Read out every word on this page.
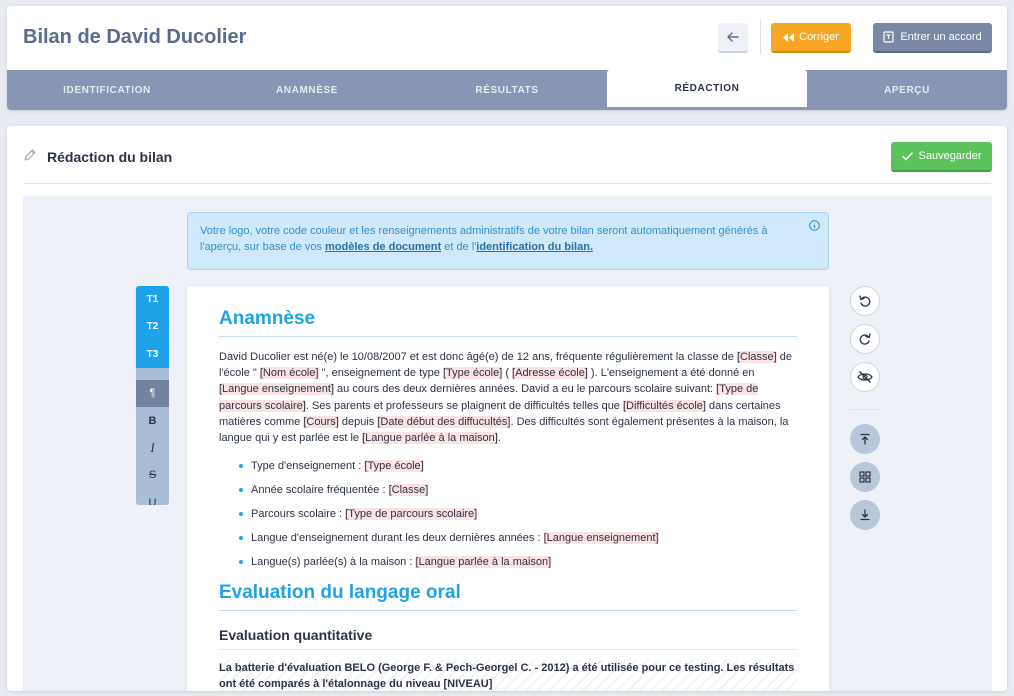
Bilan de David Ducolier	Corriger	Entrer un accord
IDENTIFICATION	ANAMNÈSE	RÉSULTATS	RÉDACTION	APERÇU
Rédaction du bilan	Sauvegarder
Votre logo, votre code couleur et les renseignements administratifs de votre bilan seront automatiquement générés à l'aperçu, sur base de vos modèles de document et de l'identification du bilan.
T1
T2
T3
¶
B
I
S
U
Anamnèse

David Ducolier est né(e) le 10/08/2007 et est donc âgé(e) de 12 ans, fréquente régulièrement la classe de [Classe] de l'école " [Nom école] ", enseignement de type [Type école] ( [Adresse école] ). L'enseignement a été donné en [Langue enseignement] au cours des deux dernières années. David a eu le parcours scolaire suivant: [Type de parcours scolaire]. Ses parents et professeurs se plaignent de difficultés telles que [Difficultés école] dans certaines matières comme [Cours] depuis [Date début des diffucultés]. Des difficultés sont également présentes à la maison, la langue qui y est parlée est le [Langue parlée à la maison].

Type d'enseignement : [Type école]
Année scolaire fréquentée : [Classe]
Parcours scolaire : [Type de parcours scolaire]
Langue d'enseignement durant les deux dernières années : [Langue enseignement]
Langue(s) parlée(s) à la maison : [Langue parlée à la maison]
Evaluation du langage oral
Evaluation quantitative

La batterie d'évaluation BELO (George F. & Pech-Georgel C. - 2012) a été utilisée pour ce testing. Les résultats ont été comparés à l'étalonnage du niveau [NIVEAU]
